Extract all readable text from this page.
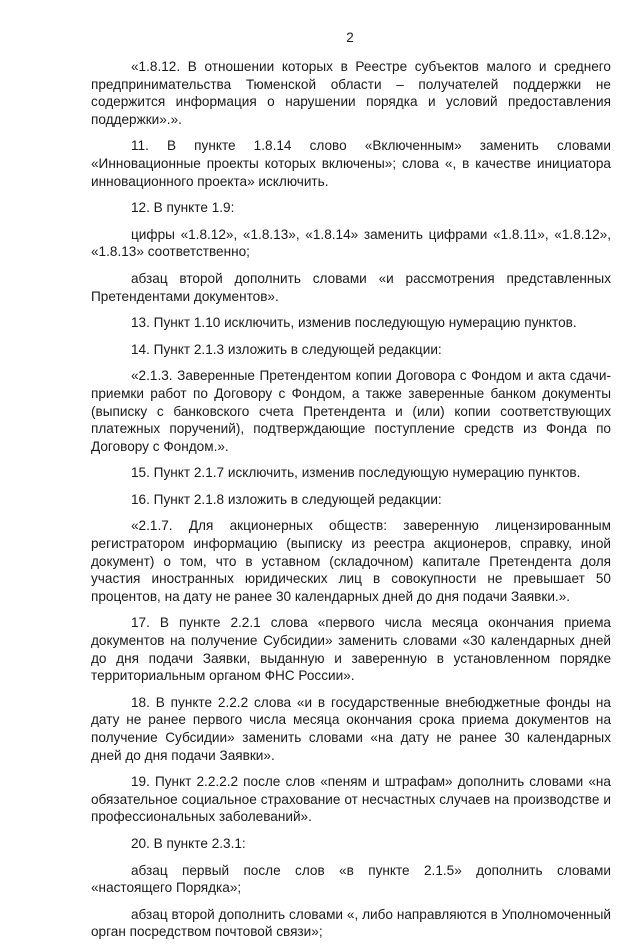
2

«1.8.12. В отношении которых в Реестре субъектов малого и среднего предпринимательства Тюменской области – получателей поддержки не содержится информация о нарушении порядка и условий предоставления поддержки».».

11. В пункте 1.8.14 слово «Включенным» заменить словами «Инновационные проекты которых включены»; слова «, в качестве инициатора инновационного проекта» исключить.

12. В пункте 1.9:

цифры «1.8.12», «1.8.13», «1.8.14» заменить цифрами «1.8.11», «1.8.12», «1.8.13» соответственно;

абзац второй дополнить словами «и рассмотрения представленных Претендентами документов».

13. Пункт 1.10 исключить, изменив последующую нумерацию пунктов.

14. Пункт 2.1.3 изложить в следующей редакции:

«2.1.3. Заверенные Претендентом копии Договора с Фондом и акта сдачи-приемки работ по Договору с Фондом, а также заверенные банком документы (выписку с банковского счета Претендента и (или) копии соответствующих платежных поручений), подтверждающие поступление средств из Фонда по Договору с Фондом.».

15. Пункт 2.1.7 исключить, изменив последующую нумерацию пунктов.

16. Пункт 2.1.8 изложить в следующей редакции:

«2.1.7. Для акционерных обществ: заверенную лицензированным регистратором информацию (выписку из реестра акционеров, справку, иной документ) о том, что в уставном (складочном) капитале Претендента доля участия иностранных юридических лиц в совокупности не превышает 50 процентов, на дату не ранее 30 календарных дней до дня подачи Заявки.».

17. В пункте 2.2.1 слова «первого числа месяца окончания приема документов на получение Субсидии» заменить словами «30 календарных дней до дня подачи Заявки, выданную и заверенную в установленном порядке территориальным органом ФНС России».

18. В пункте 2.2.2 слова «и в государственные внебюджетные фонды на дату не ранее первого числа месяца окончания срока приема документов на получение Субсидии» заменить словами «на дату не ранее 30 календарных дней до дня подачи Заявки».

19. Пункт 2.2.2.2 после слов «пеням и штрафам» дополнить словами «на обязательное социальное страхование от несчастных случаев на производстве и профессиональных заболеваний».

20. В пункте 2.3.1:

абзац первый после слов «в пункте 2.1.5» дополнить словами «настоящего Порядка»;

абзац второй дополнить словами «, либо направляются в Уполномоченный орган посредством почтовой связи»;
